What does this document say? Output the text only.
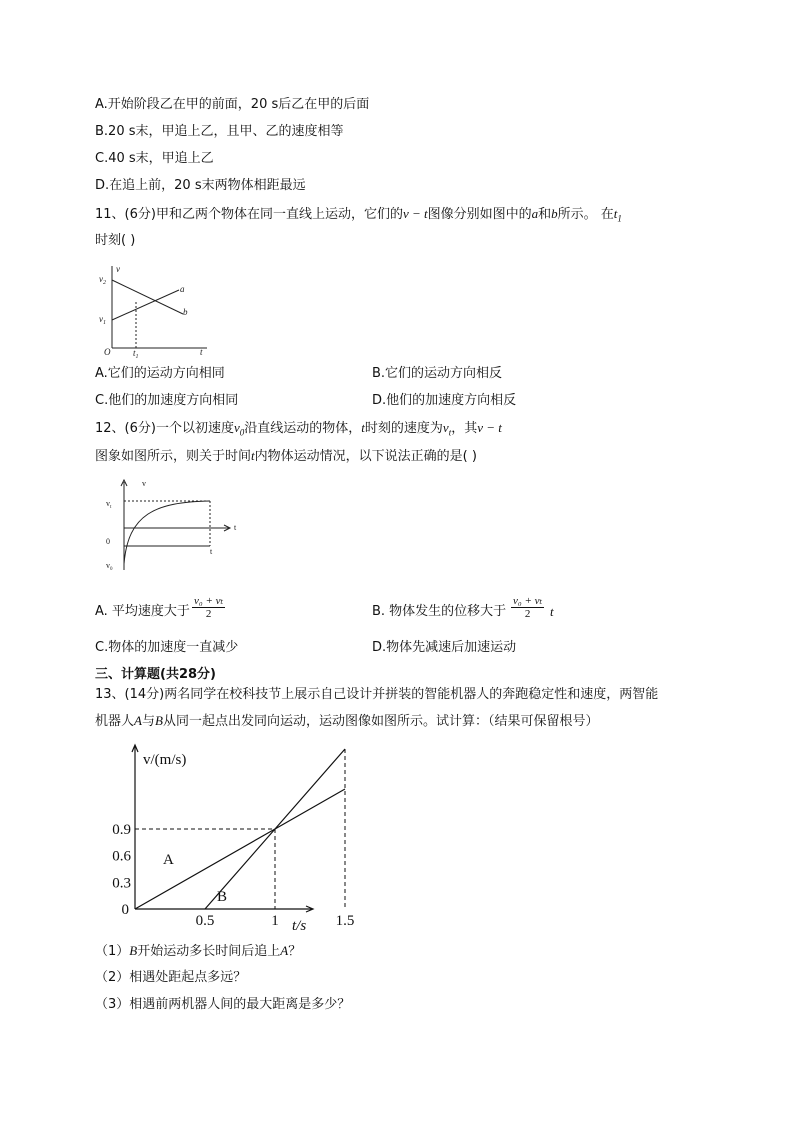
A.开始阶段乙在甲的前面，20 s后乙在甲的后面
B.20 s末，甲追上乙，且甲、乙的速度相等
C.40 s末，甲追上乙
D.在追上前，20 s末两物体相距最远
11、(6分)甲和乙两个物体在同一直线上运动，它们的v − t图像分别如图中的a和b所示。 在$t_1$
时刻( )
v
t
O
$v_2$
$v_1$
$t_1$
a
b
A.它们的运动方向相同	B.它们的运动方向相反
C.他们的加速度方向相同	D.他们的加速度方向相反
12、(6分)一个以初速度$v_0$沿直线运动的物体，t时刻的速度为$v_t$，其v − t
图象如图所示，则关于时间t内物体运动情况，以下说法正确的是( )
v
t
0
$v_t$
t
$v_0$
A. 平均速度大于 $\frac{\text{v₀ + vₜ}}{2}$	B. 物体发生的位移大于 $\frac{\text{v₀ + vₜ}}{2}$ t
C.物体的加速度一直减少	D.物体先减速后加速运动
三、计算题(共28分)
13、(14分)两名同学在校科技节上展示自己设计并拼装的智能机器人的奔跑稳定性和速度，两智能
机器人A与B从同一起点出发同向运动，运动图像如图所示。试计算：（结果可保留根号）
0.5	1	1.5
0.9
0.6
0.3
0
A
B
v/(m/s)
t/s
（1）B开始运动多长时间后追上A？
（2）相遇处距起点多远？
（3）相遇前两机器人间的最大距离是多少？
